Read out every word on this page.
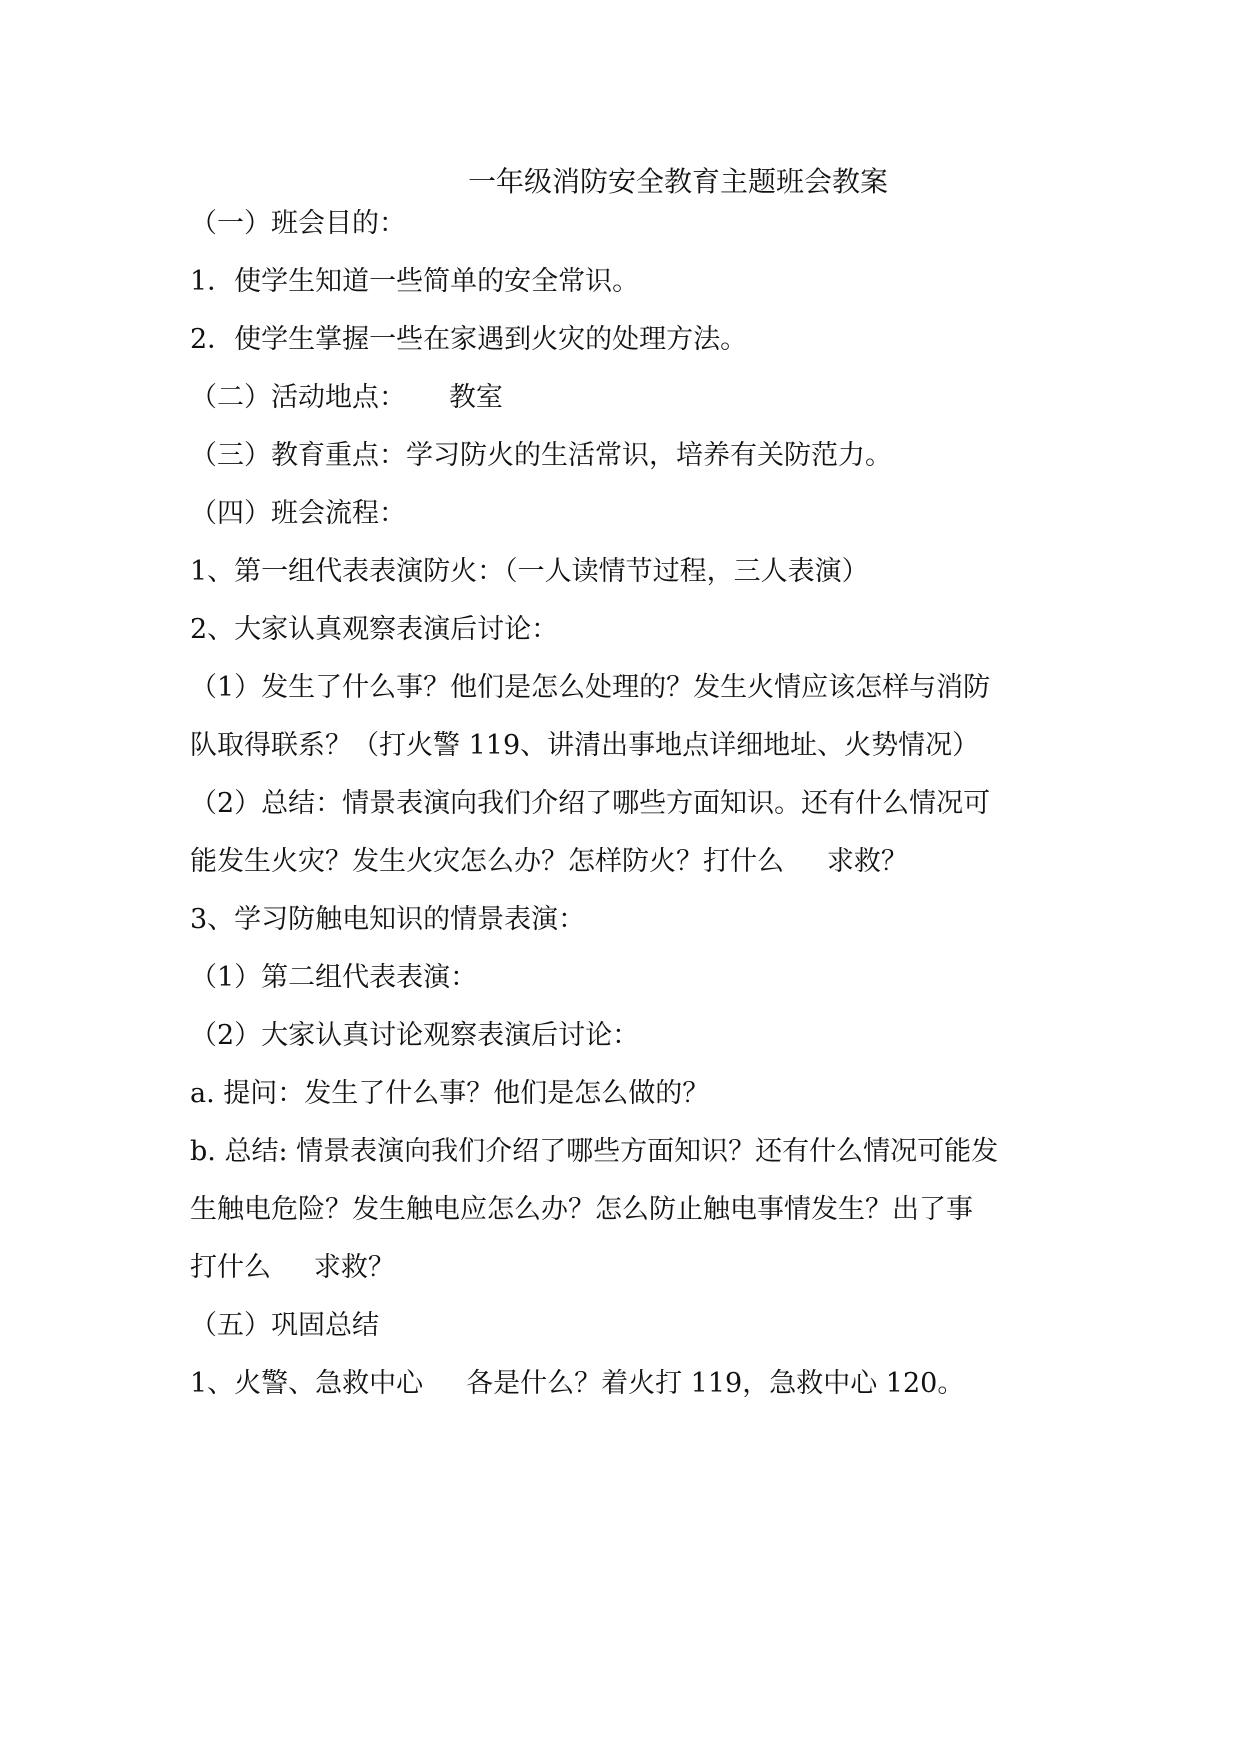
一年级消防安全教育主题班会教案
（一）班会目的：
1．使学生知道一些简单的安全常识。
2．使学生掌握一些在家遇到火灾的处理方法。
（二）活动地点：     教室
（三）教育重点：学习防火的生活常识，培养有关防范力。
（四）班会流程：
1、第一组代表表演防火：（一人读情节过程，三人表演）
2、大家认真观察表演后讨论：
（1）发生了什么事？他们是怎么处理的？发生火情应该怎样与消防
队取得联系？（打火警 119、讲清出事地点详细地址、火势情况）
（2）总结：情景表演向我们介绍了哪些方面知识。还有什么情况可
能发生火灾？发生火灾怎么办？怎样防火？打什么     求救？
3、学习防触电知识的情景表演：
（1）第二组代表表演：
（2）大家认真讨论观察表演后讨论：
a. 提问：发生了什么事？他们是怎么做的？
b. 总结: 情景表演向我们介绍了哪些方面知识？还有什么情况可能发
生触电危险？发生触电应怎么办？怎么防止触电事情发生？出了事
打什么     求救？
（五）巩固总结
1、火警、急救中心     各是什么？着火打 119，急救中心 120。
